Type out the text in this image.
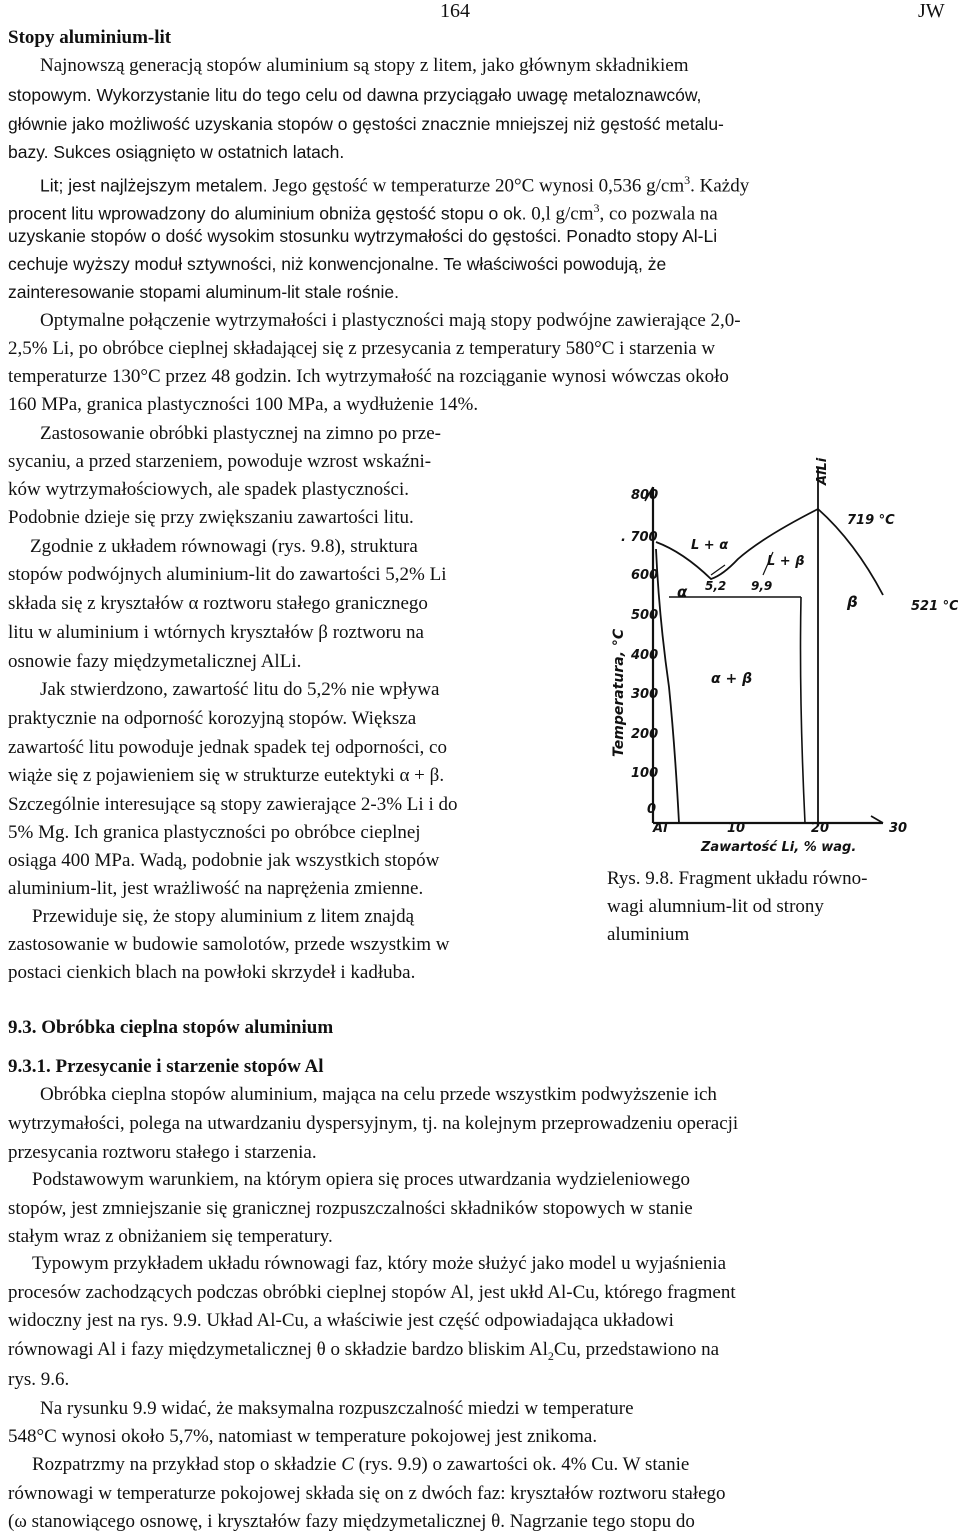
164	JW
Stopy aluminium-lit
Najnowszą generacją stopów aluminium są stopy z litem, jako głównym składnikiem
stopowym. Wykorzystanie litu do tego celu od dawna przyciągało uwagę metaloznawców,
głównie jako możliwość uzyskania stopów o gęstości znacznie mniejszej niż gęstość metalu-
bazy. Sukces osiągnięto w ostatnich latach.
Lit; jest najlżejszym metalem. Jego gęstość w temperaturze 20°C wynosi 0,536 $g/cm^3$. Każdy
procent litu wprowadzony do aluminium obniża gęstość stopu o ok. 0,l $g/cm^3$, co pozwala na
uzyskanie stopów o dość wysokim stosunku wytrzymałości do gęstości. Ponadto stopy Al-Li
cechuje wyższy moduł sztywności, niż konwencjonalne. Te właściwości powodują, że
zainteresowanie stopami aluminum-lit stale rośnie.
Optymalne połączenie wytrzymałości i plastyczności mają stopy podwójne zawierające 2,0-
2,5% Li, po obróbce cieplnej składającej się z przesycania z temperatury 580°C i starzenia w
temperaturze 130°C przez 48 godzin. Ich wytrzymałość na rozciąganie wynosi wówczas około
160 MPa, granica plastyczności 100 MPa, a wydłużenie 14%.
Zastosowanie obróbki plastycznej na zimno po prze-
sycaniu, a przed starzeniem, powoduje wzrost wskaźni-
ków wytrzymałościowych, ale spadek plastyczności.
Podobnie dzieje się przy zwiększaniu zawartości litu.
Zgodnie z układem równowagi (rys. 9.8), struktura
stopów podwójnych aluminium-lit do zawartości 5,2% Li
składa się z kryształów α roztworu stałego granicznego
litu w aluminium i wtórnych kryształów β roztworu na
osnowie fazy międzymetalicznej AlLi.
Jak stwierdzono, zawartość litu do 5,2% nie wpływa
praktycznie na odporność korozyjną stopów. Większa
zawartość litu powoduje jednak spadek tej odporności, co
wiąże się z pojawieniem się w strukturze eutektyki α + β.
Szczególnie interesujące są stopy zawierające 2-3% Li i do
5% Mg. Ich granica plastyczności po obróbce cieplnej
osiąga 400 MPa. Wadą, podobnie jak wszystkich stopów
aluminium-lit, jest wrażliwość na naprężenia zmienne.
Przewiduje się, że stopy aluminium z litem znajdą
zastosowanie w budowie samolotów, przede wszystkim w
postaci cienkich blach na powłoki skrzydeł i kadłuba.
800
. 700
600
500
400
300
200
100
0
Al	10	20	30
Zawartość Li, % wag.
Temperatura, °C
AlLi
719 °C
521 °C
L + α
L + β
α 5,2 9,9
β
α + β
Rys. 9.8. Fragment układu równo-
wagi alumnium-lit od strony
aluminium
9.3. Obróbka cieplna stopów aluminium
9.3.1. Przesycanie i starzenie stopów Al
Obróbka cieplna stopów aluminium, mająca na celu przede wszystkim podwyższenie ich
wytrzymałości, polega na utwardzaniu dyspersyjnym, tj. na kolejnym przeprowadzeniu operacji
przesycania roztworu stałego i starzenia.
Podstawowym warunkiem, na którym opiera się proces utwardzania wydzieleniowego
stopów, jest zmniejszanie się granicznej rozpuszczalności składników stopowych w stanie
stałym wraz z obniżaniem się temperatury.
Typowym przykładem układu równowagi faz, który może służyć jako model u wyjaśnienia
procesów zachodzących podczas obróbki cieplnej stopów Al, jest ukłd Al-Cu, którego fragment
widoczny jest na rys. 9.9. Układ Al-Cu, a właściwie jest część odpowiadająca układowi
równowagi Al i fazy międzymetalicznej θ o składzie bardzo bliskim $Al_2Cu$, przedstawiono na
rys. 9.6.
Na rysunku 9.9 widać, że maksymalna rozpuszczalność miedzi w temperature
548°C wynosi około 5,7%, natomiast w temperature pokojowej jest znikoma.
Rozpatrzmy na przykład stop o składzie C (rys. 9.9) o zawartości ok. 4% Cu. W stanie
równowagi w temperaturze pokojowej składa się on z dwóch faz: kryształów roztworu stałego
(ω stanowiącego osnowę, i kryształów fazy międzymetalicznej θ. Nagrzanie tego stopu do
